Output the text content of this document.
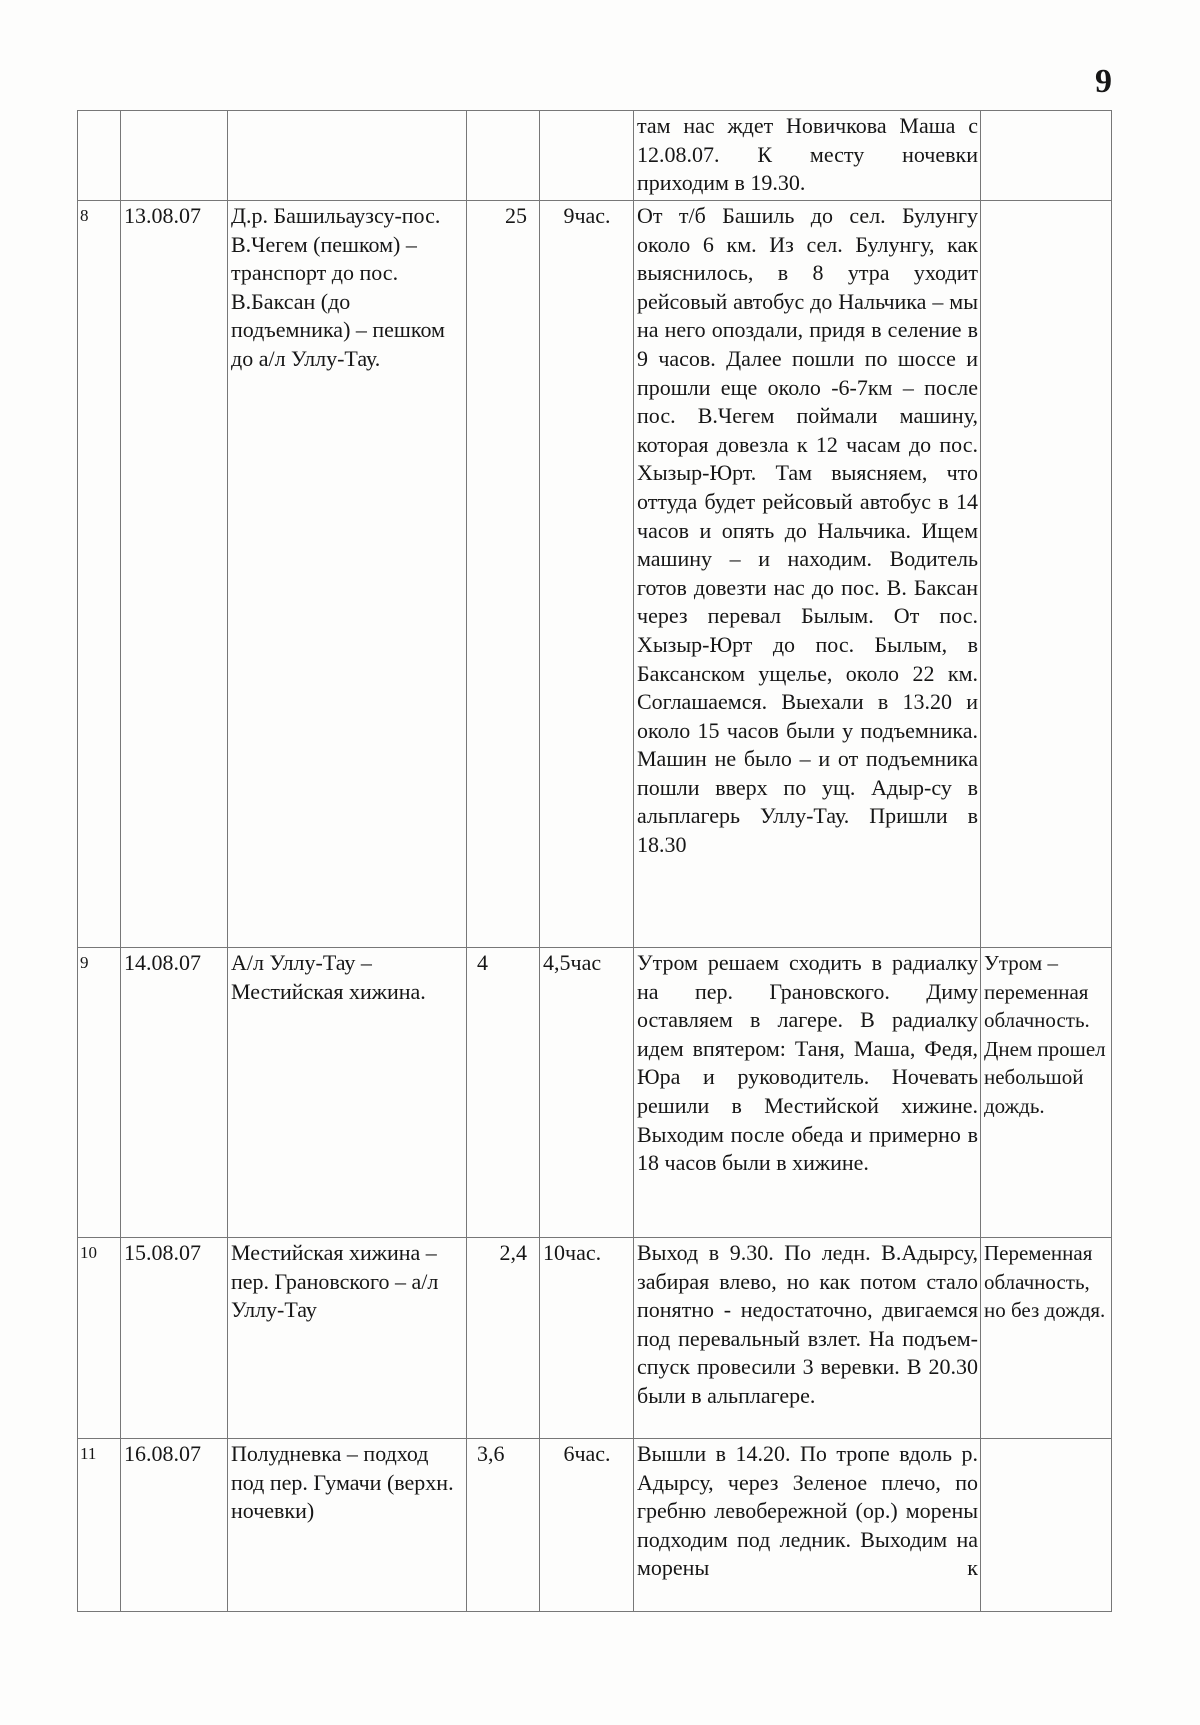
9
					там нас ждет Новичкова Маша с 12.08.07. К месту ночевки приходим в 19.30.	
8	13.08.07	Д.р. Башильаузсу-пос. В.Чегем (пешком) – транспорт до пос. В.Баксан (до подъемника) – пешком до а/л Уллу-Тау.	25	9час.	От т/б Башиль до сел. Булунгу около 6 км. Из сел. Булунгу, как выяснилось, в 8 утра уходит рейсовый автобус до Нальчика – мы на него опоздали, придя в селение в 9 часов. Далее пошли по шоссе и прошли еще около -6-7км – после пос. В.Чегем поймали машину, которая довезла к 12 часам до пос. Хызыр-Юрт. Там выясняем, что оттуда будет рейсовый автобус в 14 часов и опять до Нальчика. Ищем машину – и находим. Водитель готов довезти нас до пос. В. Баксан через перевал Былым. От пос. Хызыр-Юрт до пос. Былым, в Баксанском ущелье, около 22 км. Соглашаемся. Выехали в 13.20 и около 15 часов были у подъемника. Машин не было – и от подъемника пошли вверх по ущ. Адыр-су в альплагерь Уллу-Тау. Пришли в 18.30	
9	14.08.07	А/л Уллу-Тау – Местийская хижина.	4	4,5час	Утром решаем сходить в радиалку на пер. Грановского. Диму оставляем в лагере. В радиалку идем впятером: Таня, Маша, Федя, Юра и руководитель. Ночевать решили в Местийской хижине. Выходим после обеда и примерно в 18 часов были в хижине.	Утром – переменная облачность. Днем прошел небольшой дождь.
10	15.08.07	Местийская хижина – пер. Грановского – а/л Уллу-Тау	2,4	10час.	Выход в 9.30. По ледн. В.Адырсу, забирая влево, но как потом стало понятно - недостаточно, двигаемся под перевальный взлет. На подъем-спуск провесили 3 веревки. В 20.30 были в альплагере.	Переменная облачность, но без дождя.
11	16.08.07	Полудневка – подход под пер. Гумачи (верхн. ночевки)	3,6	6час.	Вышли в 14.20. По тропе вдоль р. Адырсу, через Зеленое плечо, по гребню левобережной (ор.) морены подходим под ледник. Выходим на морены к	
